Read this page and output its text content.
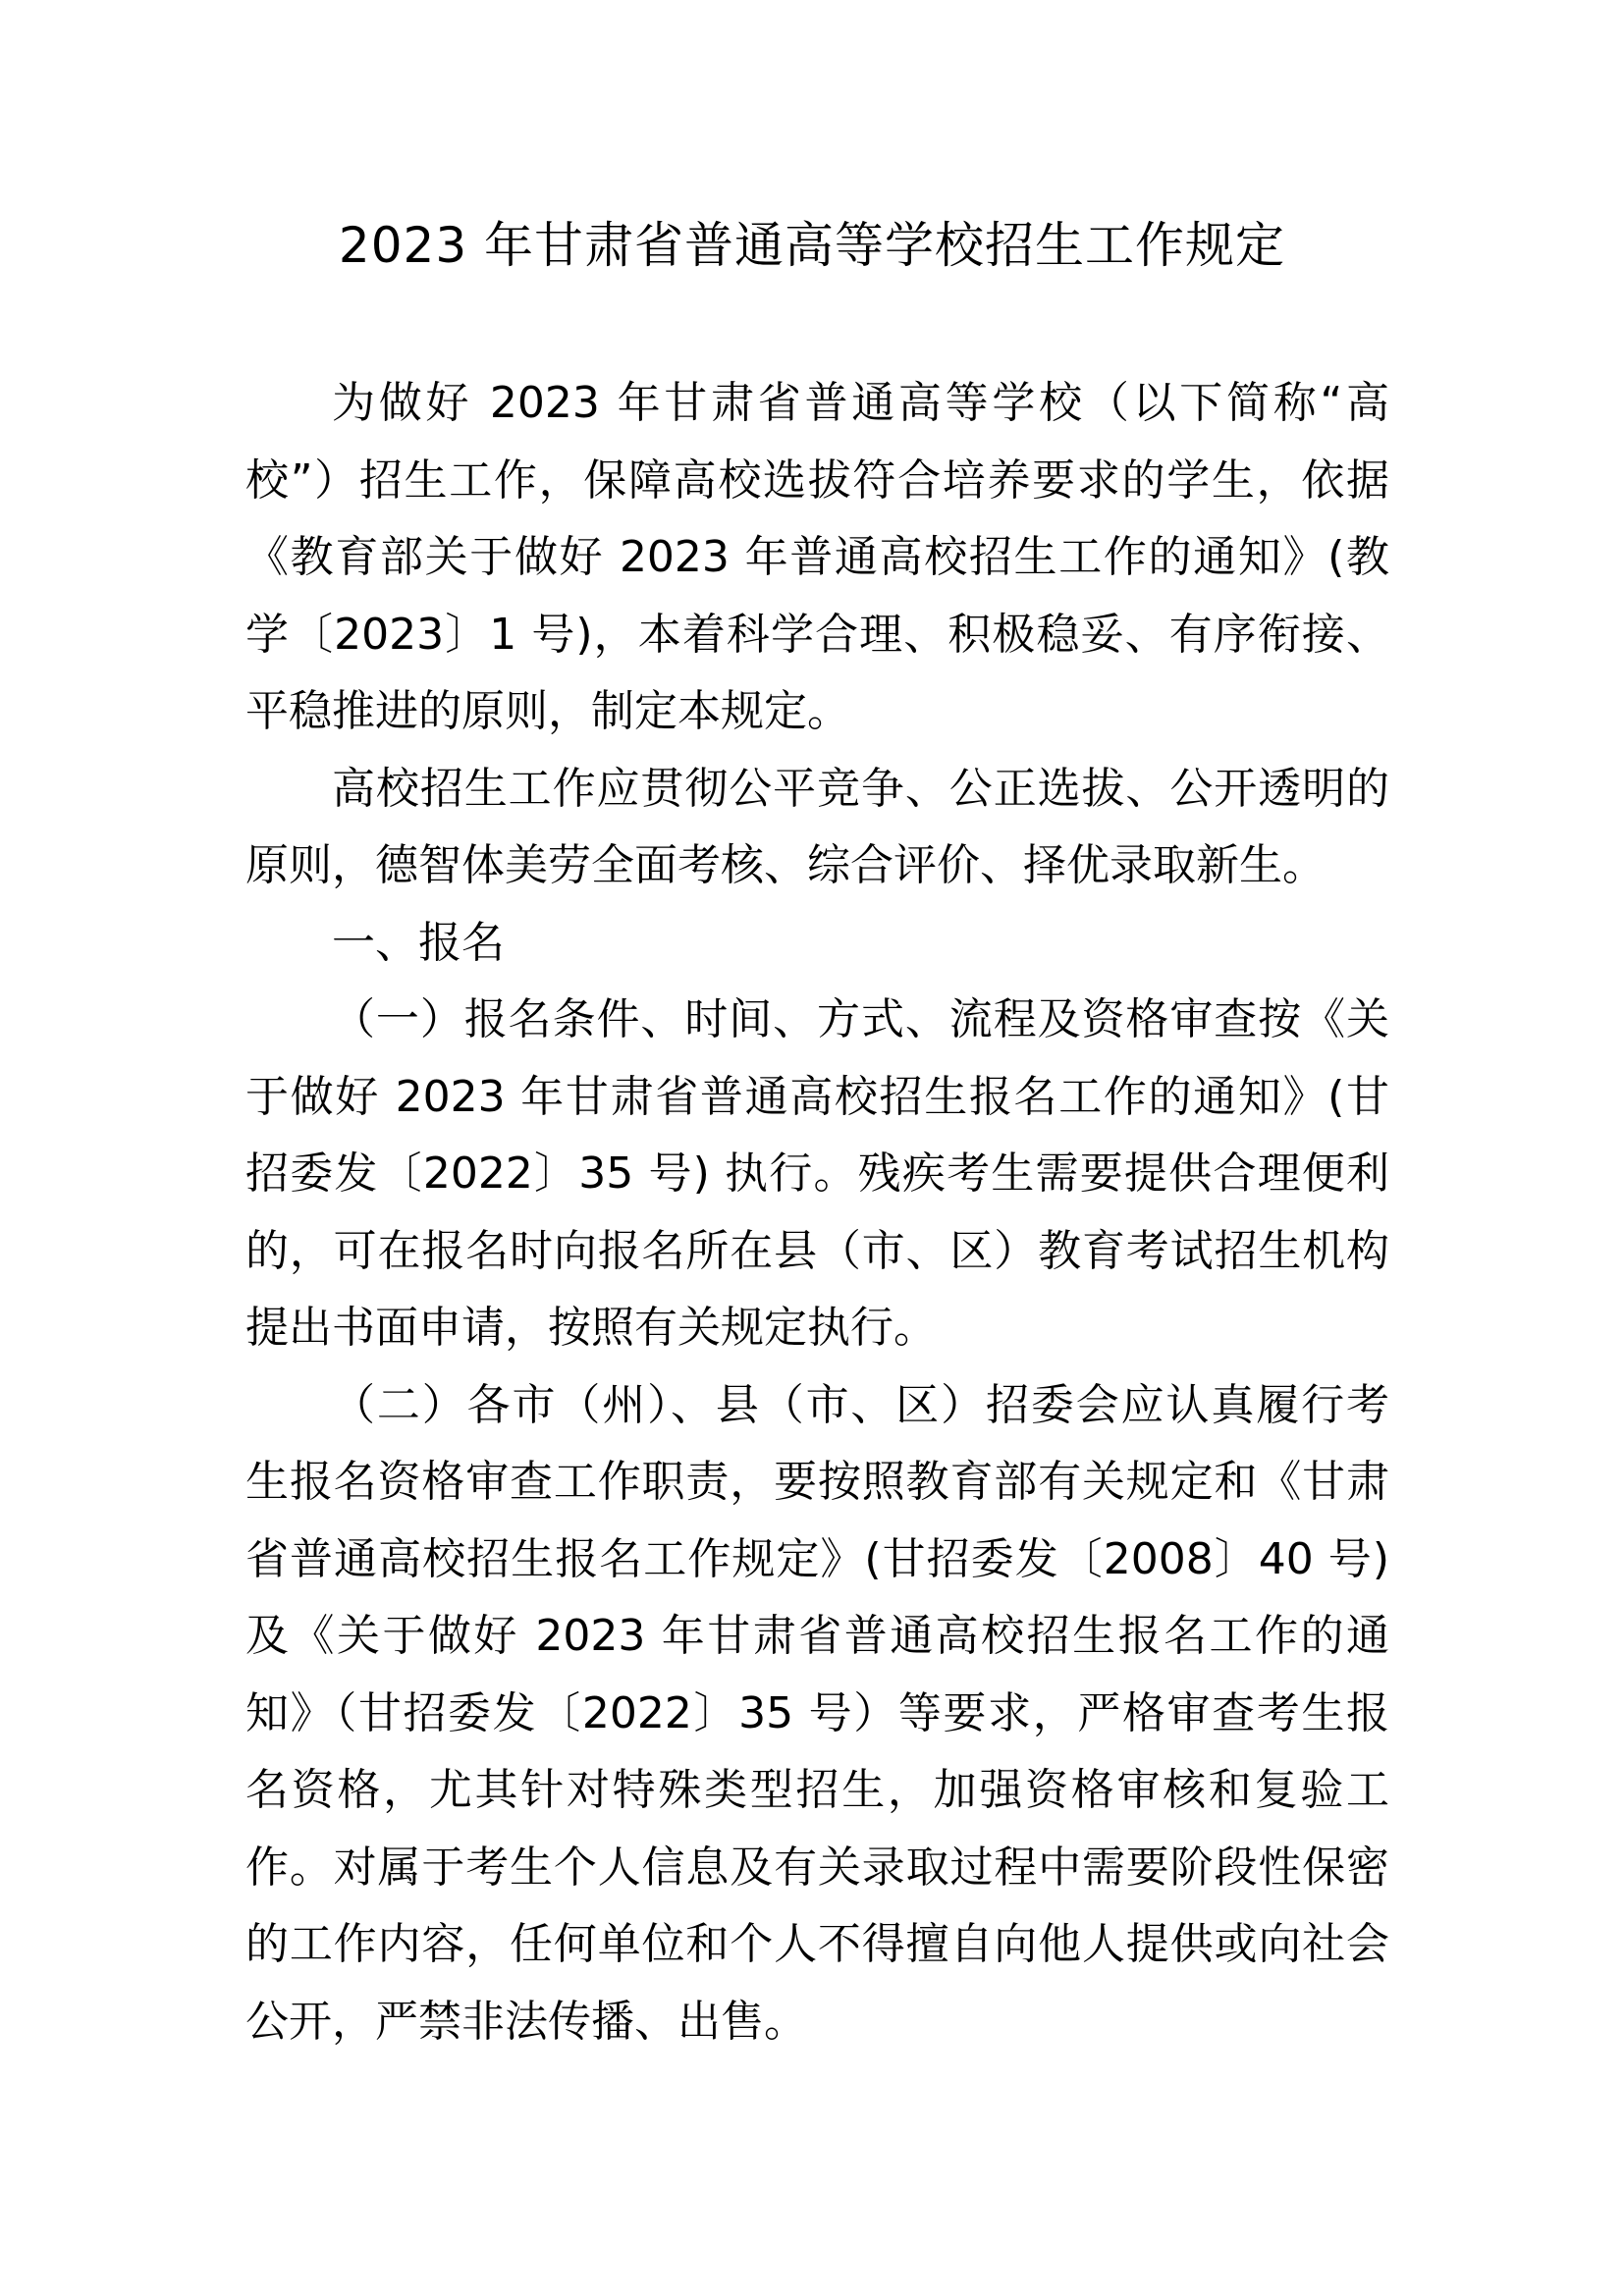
2023 年甘肃省普通高等学校招生工作规定

为做好 2023 年甘肃省普通高等学校（以下简称“高校”）招生工作，保障高校选拔符合培养要求的学生，依据《教育部关于做好 2023 年普通高校招生工作的通知》(教学〔2023〕1 号)，本着科学合理、积极稳妥、有序衔接、平稳推进的原则，制定本规定。

高校招生工作应贯彻公平竞争、公正选拔、公开透明的原则，德智体美劳全面考核、综合评价、择优录取新生。

一、报名

（一）报名条件、时间、方式、流程及资格审查按《关于做好 2023 年甘肃省普通高校招生报名工作的通知》(甘招委发〔2022〕35 号) 执行。残疾考生需要提供合理便利的，可在报名时向报名所在县（市、区）教育考试招生机构提出书面申请，按照有关规定执行。

（二）各市（州）、县（市、区）招委会应认真履行考生报名资格审查工作职责，要按照教育部有关规定和《甘肃省普通高校招生报名工作规定》(甘招委发〔2008〕40 号) 及《关于做好 2023 年甘肃省普通高校招生报名工作的通知》（甘招委发〔2022〕35 号）等要求，严格审查考生报名资格，尤其针对特殊类型招生，加强资格审核和复验工作。对属于考生个人信息及有关录取过程中需要阶段性保密的工作内容，任何单位和个人不得擅自向他人提供或向社会公开，严禁非法传播、出售。
